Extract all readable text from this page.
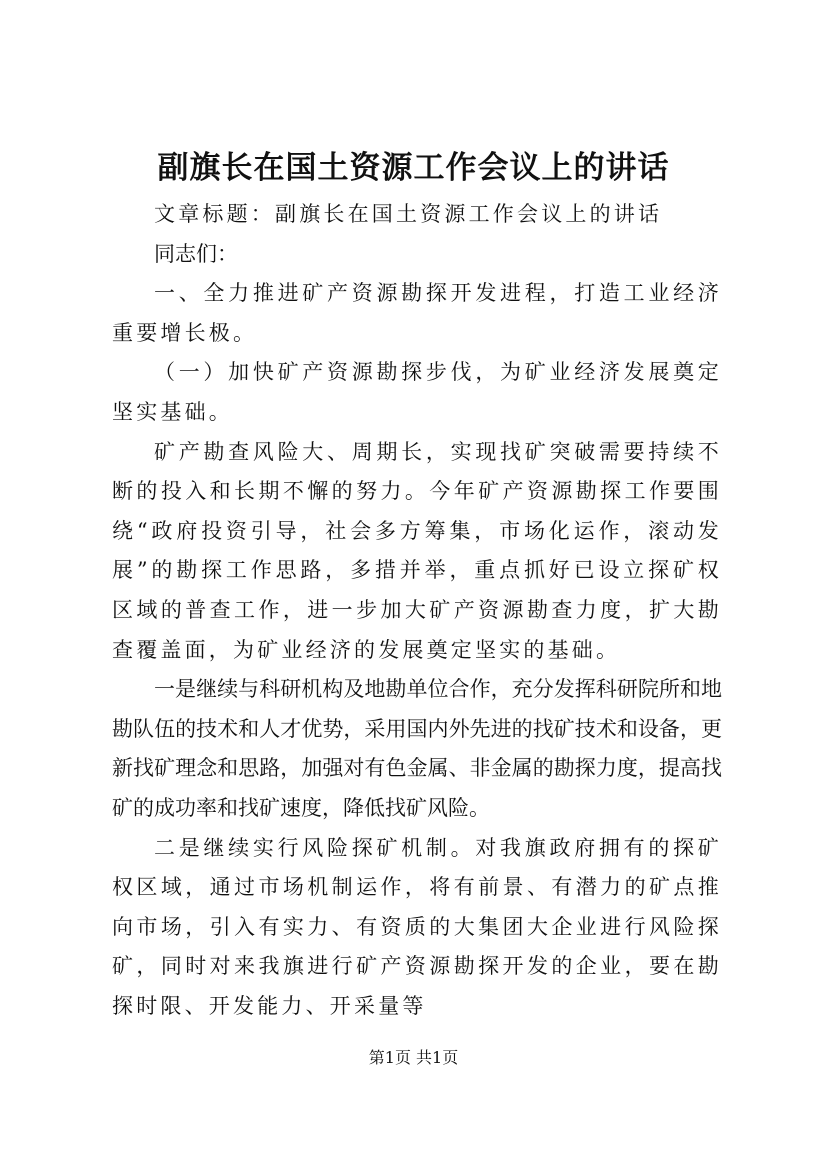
副旗长在国土资源工作会议上的讲话

文章标题：副旗长在国土资源工作会议上的讲话

同志们：

一、全力推进矿产资源勘探开发进程，打造工业经济重要增长极。

（一）加快矿产资源勘探步伐，为矿业经济发展奠定坚实基础。

矿产勘查风险大、周期长，实现找矿突破需要持续不断的投入和长期不懈的努力。今年矿产资源勘探工作要围绕“政府投资引导，社会多方筹集，市场化运作，滚动发展”的勘探工作思路，多措并举，重点抓好已设立探矿权区域的普查工作，进一步加大矿产资源勘查力度，扩大勘查覆盖面，为矿业经济的发展奠定坚实的基础。

一是继续与科研机构及地勘单位合作，充分发挥科研院所和地勘队伍的技术和人才优势，采用国内外先进的找矿技术和设备，更新找矿理念和思路，加强对有色金属、非金属的勘探力度，提高找矿的成功率和找矿速度，降低找矿风险。

二是继续实行风险探矿机制。对我旗政府拥有的探矿权区域，通过市场机制运作，将有前景、有潜力的矿点推向市场，引入有实力、有资质的大集团大企业进行风险探矿，同时对来我旗进行矿产资源勘探开发的企业，要在勘探时限、开发能力、开采量等

第1页 共1页
